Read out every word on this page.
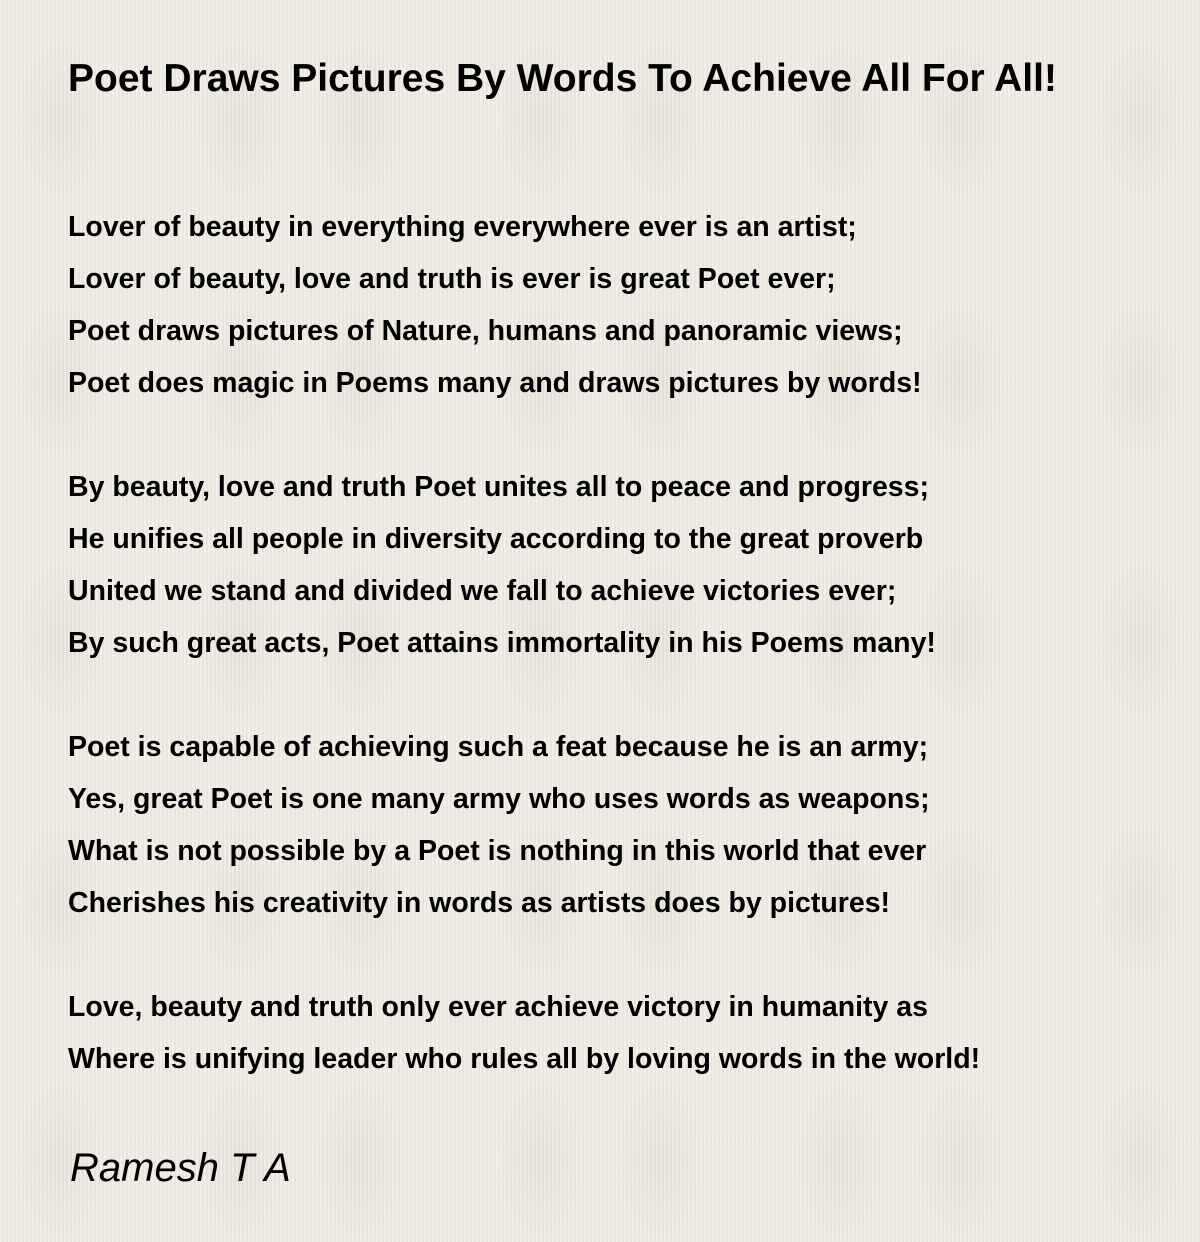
Poet Draws Pictures By Words To Achieve All For All!
Lover of beauty in everything everywhere ever is an artist;
Lover of beauty, love and truth is ever is great Poet ever;
Poet draws pictures of Nature, humans and panoramic views;
Poet does magic in Poems many and draws pictures by words!
By beauty, love and truth Poet unites all to peace and progress;
He unifies all people in diversity according to the great proverb
United we stand and divided we fall to achieve victories ever;
By such great acts, Poet attains immortality in his Poems many!
Poet is capable of achieving such a feat because he is an army;
Yes, great Poet is one many army who uses words as weapons;
What is not possible by a Poet is nothing in this world that ever
Cherishes his creativity in words as artists does by pictures!
Love, beauty and truth only ever achieve victory in humanity as
Where is unifying leader who rules all by loving words in the world!

Ramesh T A
